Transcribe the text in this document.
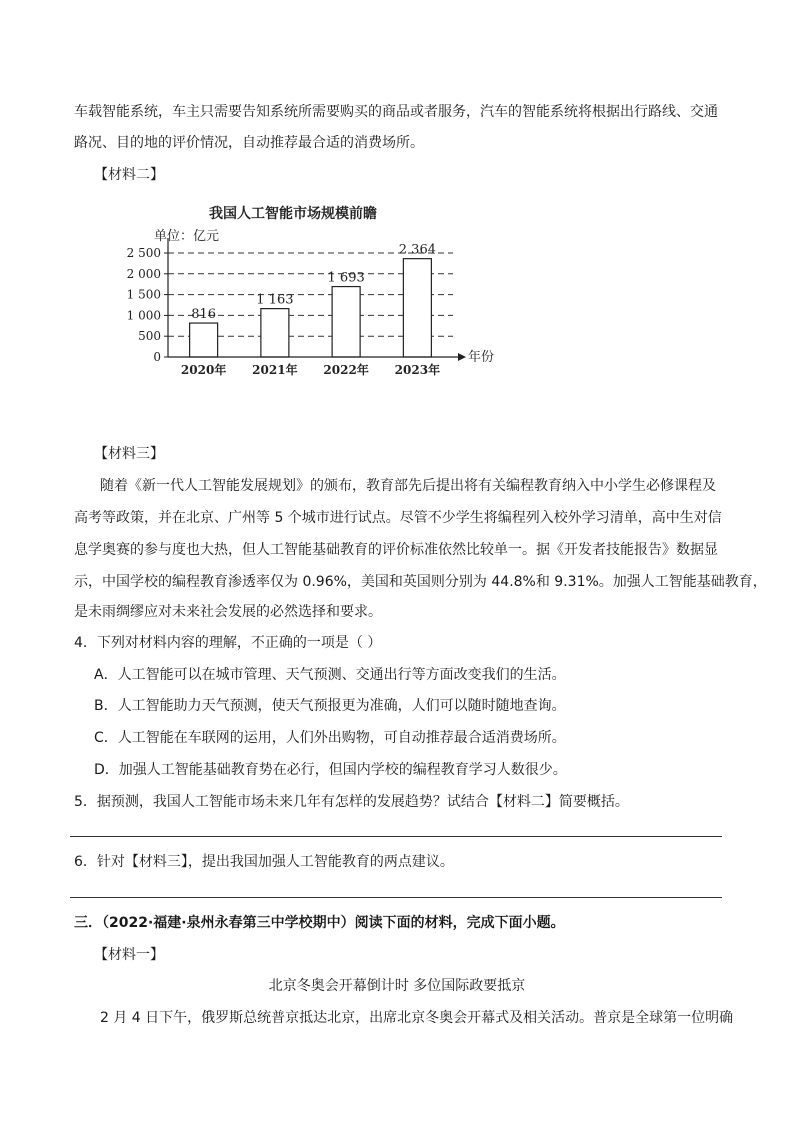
车载智能系统，车主只需要告知系统所需要购买的商品或者服务，汽车的智能系统将根据出行路线、交通
路况、目的地的评价情况，自动推荐最合适的消费场所。
【材料二】
我国人工智能市场规模前瞻
单位：亿元
0
500
1 000
1 500
2 000
2 500
816
1 163
1 693
2 364
2020年 2021年 2022年 2023年
年份
【材料三】
随着《新一代人工智能发展规划》的颁布，教育部先后提出将有关编程教育纳入中小学生必修课程及
高考等政策，并在北京、广州等 5 个城市进行试点。尽管不少学生将编程列入校外学习清单，高中生对信
息学奥赛的参与度也大热，但人工智能基础教育的评价标准依然比较单一。据《开发者技能报告》数据显
示，中国学校的编程教育渗透率仅为 0.96%，美国和英国则分别为 44.8%和 9.31%。加强人工智能基础教育，
是未雨绸缪应对未来社会发展的必然选择和要求。
4．下列对材料内容的理解，不正确的一项是（ ）
A．人工智能可以在城市管理、天气预测、交通出行等方面改变我们的生活。
B．人工智能助力天气预测，使天气预报更为准确，人们可以随时随地查询。
C．人工智能在车联网的运用，人们外出购物，可自动推荐最合适消费场所。
D．加强人工智能基础教育势在必行，但国内学校的编程教育学习人数很少。
5．据预测，我国人工智能市场未来几年有怎样的发展趋势？试结合【材料二】简要概括。
6．针对【材料三】，提出我国加强人工智能教育的两点建议。
三．（2022·福建·泉州永春第三中学校期中）阅读下面的材料，完成下面小题。
【材料一】
北京冬奥会开幕倒计时 多位国际政要抵京
2 月 4 日下午，俄罗斯总统普京抵达北京，出席北京冬奥会开幕式及相关活动。普京是全球第一位明确
